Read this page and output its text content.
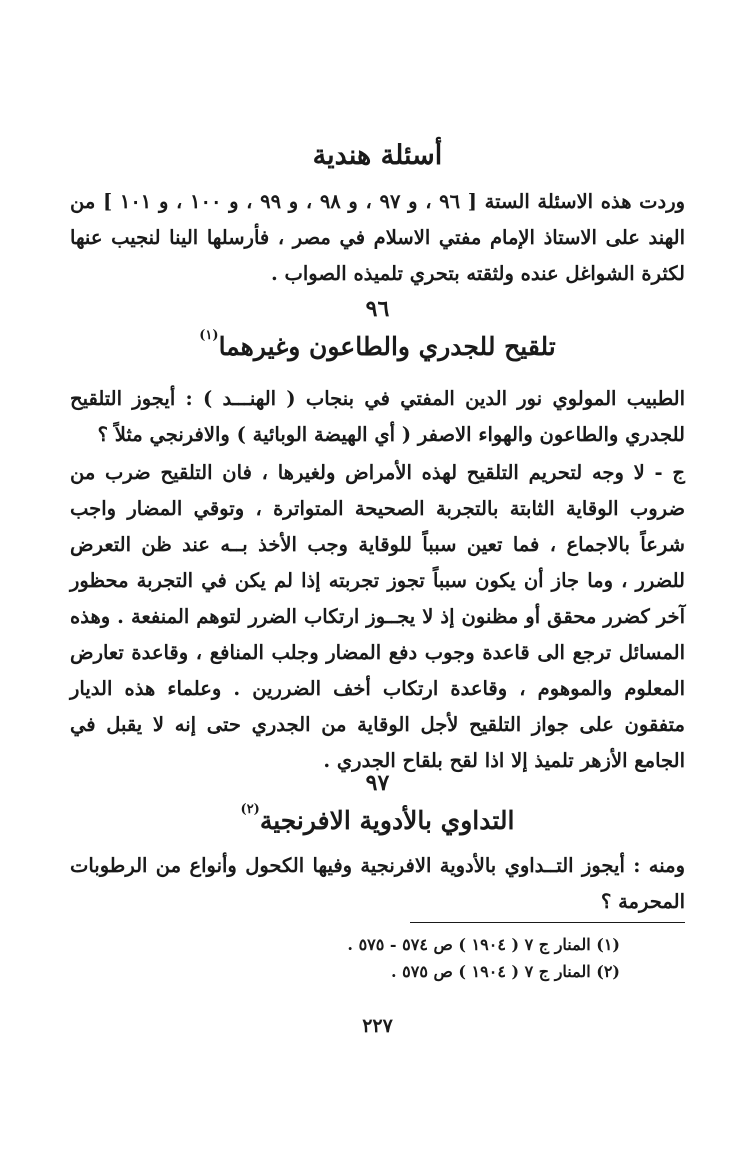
أسئلة هندية
وردت هذه الاسئلة الستة [ ٩٦ ، و ٩٧ ، و ٩٨ ، و ٩٩ ، و ١٠٠ ، و ١٠١ ] من الهند على الاستاذ الإمام مفتي الاسلام في مصر ، فأرسلها الينا لنجيب عنها لكثرة الشواغل عنده ولثقته بتحري تلميذه الصواب .
٩٦
تلقيح للجدري والطاعون وغيرهما$^{(١)}$
الطبيب المولوي نور الدين المفتي في بنجاب ( الهنـــد ) : أيجوز التلقيح للجدري والطاعون والهواء الاصفر ( أي الهيضة الوبائية ) والافرنجي مثلاً ؟
ج - لا وجه لتحريم التلقيح لهذه الأمراض ولغيرها ، فان التلقيح ضرب من ضروب الوقاية الثابتة بالتجربة الصحيحة المتواترة ، وتوقي المضار واجب شرعاً بالاجماع ، فما تعين سبباً للوقاية وجب الأخذ بــه عند ظن التعرض للضرر ، وما جاز أن يكون سبباً تجوز تجربته إذا لم يكن في التجربة محظور آخر كضرر محقق أو مظنون إذ لا يجــوز ارتكاب الضرر لتوهم المنفعة . وهذه المسائل ترجع الى قاعدة وجوب دفع المضار وجلب المنافع ، وقاعدة تعارض المعلوم والموهوم ، وقاعدة ارتكاب أخف الضررين . وعلماء هذه الديار متفقون على جواز التلقيح لأجل الوقاية من الجدري حتى إنه لا يقبل في الجامع الأزهر تلميذ إلا اذا لقح بلقاح الجدري .
٩٧
التداوي بالأدوية الافرنجية$^{(٢)}$
ومنه : أيجوز التــداوي بالأدوية الافرنجية وفيها الكحول وأنواع من الرطوبات المحرمة ؟
(١) المنار ج ٧ ( ١٩٠٤ ) ص ٥٧٤ - ٥٧٥ .
(٢) المنار ج ٧ ( ١٩٠٤ ) ص ٥٧٥ .
٢٢٧
